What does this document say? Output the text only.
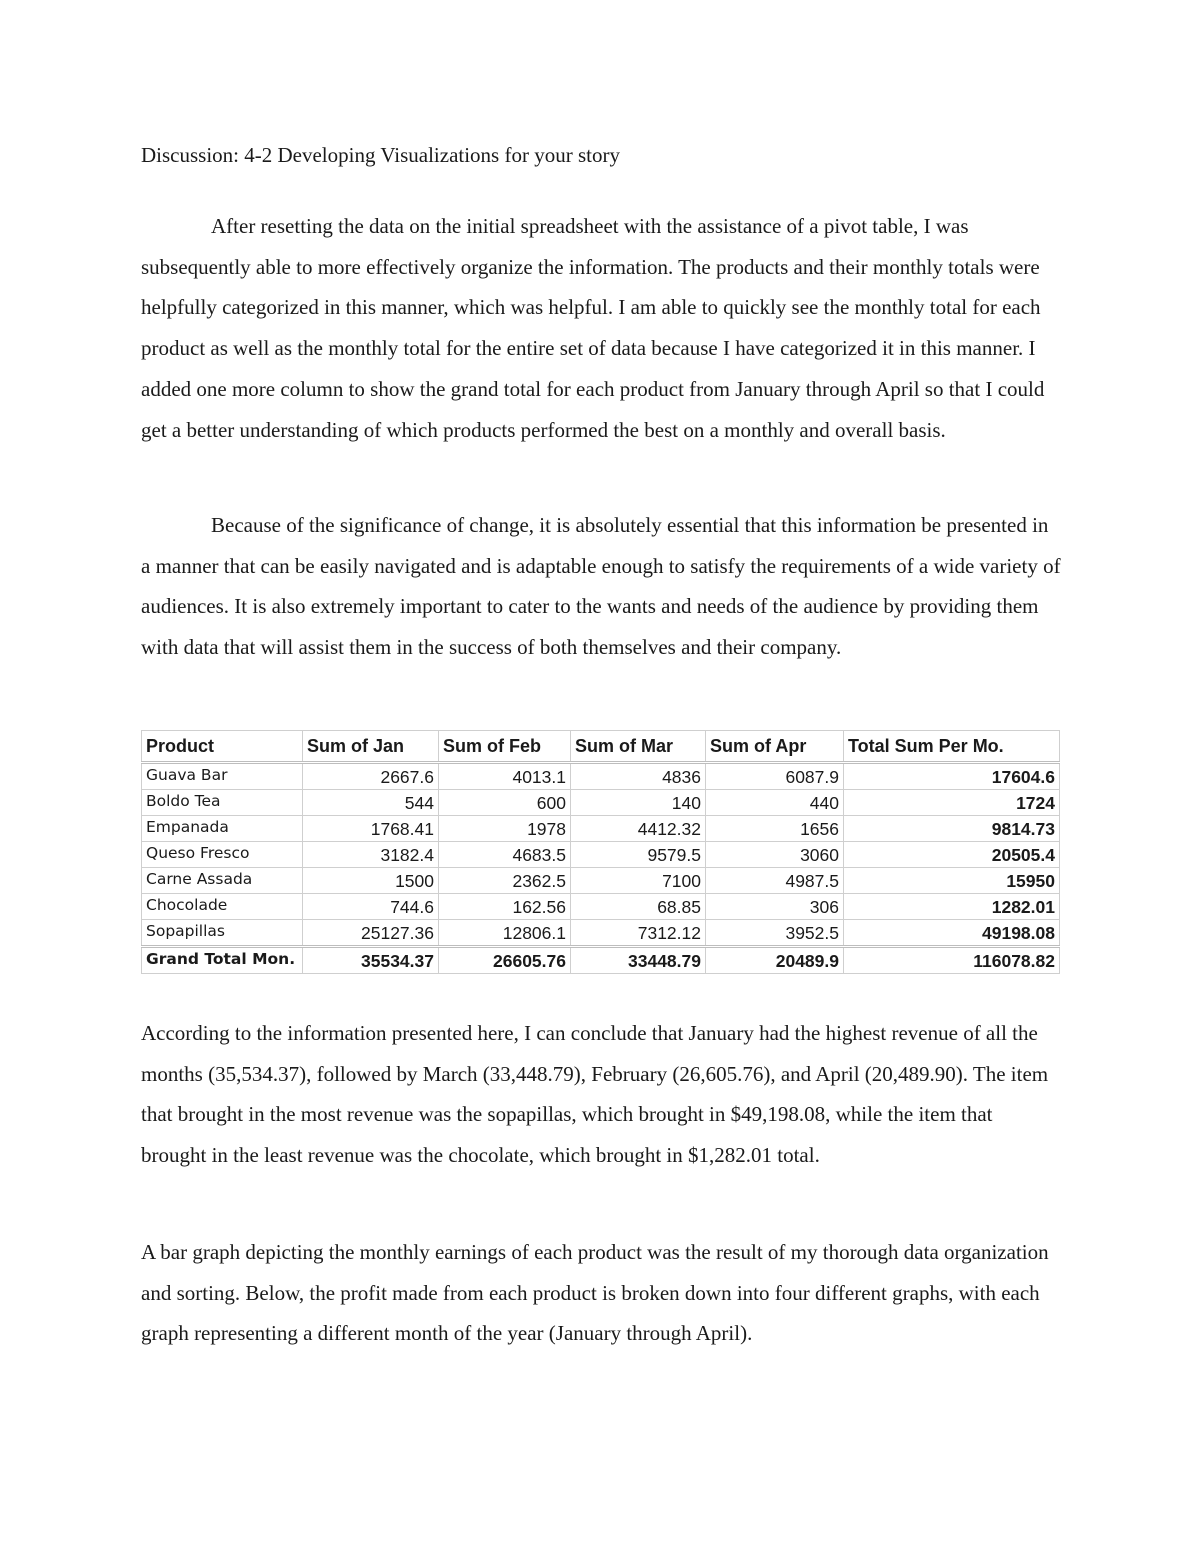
Discussion: 4-2 Developing Visualizations for your story

After resetting the data on the initial spreadsheet with the assistance of a pivot table, I was subsequently able to more effectively organize the information. The products and their monthly totals were helpfully categorized in this manner, which was helpful. I am able to quickly see the monthly total for each product as well as the monthly total for the entire set of data because I have categorized it in this manner. I added one more column to show the grand total for each product from January through April so that I could get a better understanding of which products performed the best on a monthly and overall basis.

Because of the significance of change, it is absolutely essential that this information be presented in a manner that can be easily navigated and is adaptable enough to satisfy the requirements of a wide variety of audiences. It is also extremely important to cater to the wants and needs of the audience by providing them with data that will assist them in the success of both themselves and their company.

Product	Sum of Jan	Sum of Feb	Sum of Mar	Sum of Apr	Total Sum Per Mo.
Guava Bar	2667.6	4013.1	4836	6087.9	17604.6
Boldo Tea	544	600	140	440	1724
Empanada	1768.41	1978	4412.32	1656	9814.73
Queso Fresco	3182.4	4683.5	9579.5	3060	20505.4
Carne Assada	1500	2362.5	7100	4987.5	15950
Chocolade	744.6	162.56	68.85	306	1282.01
Sopapillas	25127.36	12806.1	7312.12	3952.5	49198.08
Grand Total Mon.	35534.37	26605.76	33448.79	20489.9	116078.82

According to the information presented here, I can conclude that January had the highest revenue of all the months (35,534.37), followed by March (33,448.79), February (26,605.76), and April (20,489.90). The item that brought in the most revenue was the sopapillas, which brought in $49,198.08, while the item that brought in the least revenue was the chocolate, which brought in $1,282.01 total.

A bar graph depicting the monthly earnings of each product was the result of my thorough data organization and sorting. Below, the profit made from each product is broken down into four different graphs, with each graph representing a different month of the year (January through April).
